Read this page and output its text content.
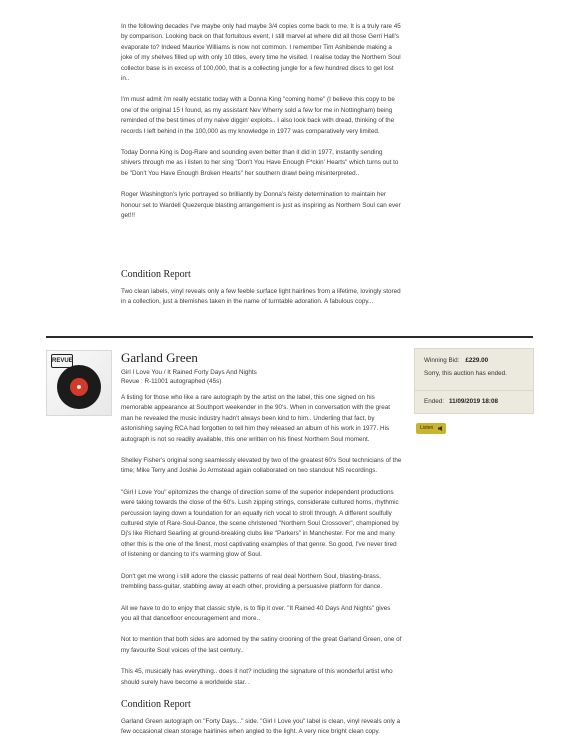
In the following decades I've maybe only had maybe 3/4 copies come back to me. It is a truly rare 45 by comparison. Looking back on that fortuitous event, I still marvel at where did all those Gerri Hall's evaporate to? Indeed Maurice Williams is now not common. I remember Tim Ashibende making a joke of my shelves filled up with only 10 titles, every time he visited. I realise today the Northern Soul collector base is in excess of 100,000, that is a collecting jungle for a few hundred discs to get lost in..

I'm must admit i'm really ecstatic today with a Donna King "coming home" (I believe this copy to be one of the original 15 I found, as my assistant Nev Wherry sold a few for me in Nottingham) being reminded of the best times of my naive diggin' exploits.. I also look back with dread, thinking of the records I left behind in the 100,000 as my knowledge in 1977 was comparatively very limited.

Today Donna King is Dog-Rare and sounding even better than it did in 1977, instantly sending shivers through me as i listen to her sing "Don't You Have Enough F*ckin' Hearts" which turns out to be "Don't You Have Enough Broken Hearts" her southern drawl being misinterpreted..

Roger Washington's lyric portrayed so brilliantly by Donna's feisty determination to maintain her honour set to Wardell Quezerque blasting arrangement is just as inspiring as Northern Soul can ever get!!!

Condition Report

Two clean labels, vinyl reveals only a few feeble surface light hairlines from a lifetime, lovingly stored in a collection, just a blemishes taken in the name of turntable adoration. A fabulous copy...

REVUE	Garland Green
Girl I Love You / It Rained Forty Days And Nights
Revue : R-11001 autographed (45s)

A listing for those who like a rare autograph by the artist on the label, this one signed on his memorable appearance at Southport weekender in the 90's. When in conversation with the great man he revealed the music industry hadn't always been kind to him.. Underling that fact, by astonishing saying RCA had forgotten to tell him they released an album of his work in 1977. His autograph is not so readily available, this one written on his finest Northern Soul moment.

Shelley Fisher's original song seamlessly elevated by two of the greatest 60's Soul technicians of the time; Mike Terry and Joshie Jo Armstead again collaborated on two standout NS recordings.

"Girl I Love You" epitomizes the change of direction some of the superior independent productions were taking towards the close of the 60's. Lush zipping strings, considerate cultured horns, rhythmic percussion laying down a foundation for an equally rich vocal to stroll through. A different soulfully cultured style of Rare-Soul-Dance, the scene christened "Northern Soul Crossover", championed by Dj's like Richard Searling at ground-breaking clubs like "Parkers" in Manchester. For me and many other this is the one of the finest, most captivating examples of that genre. So good, I've never tired of listening or dancing to it's warming glow of Soul.

Don't get me wrong i still adore the classic patterns of real deal Northern Soul, blasting-brass, trembling bass-guitar, stabbing away at each other, providing a persuasive platform for dance.

All we have to do to enjoy that classic style, is to flip it over. "It Rained 40 Days And Nights" gives you all that dancefloor encouragement and more..

Not to mention that both sides are adorned by the satiny crooning of the great Garland Green, one of my favourite Soul voices of the last century..

This 45, musically has everything.. does it not? including the signature of this wonderful artist who should surely have become a worldwide star. .

Condition Report

Garland Green autograph on "Forty Days..." side. "Girl I Love you" label is clean, vinyl reveals only a few occasional clean storage hairlines when angled to the light. A very nice bright clean copy.

Winning Bid: £229.00
Sorry, this auction has ended.
Ended: 11/09/2019 18:08
Listen
